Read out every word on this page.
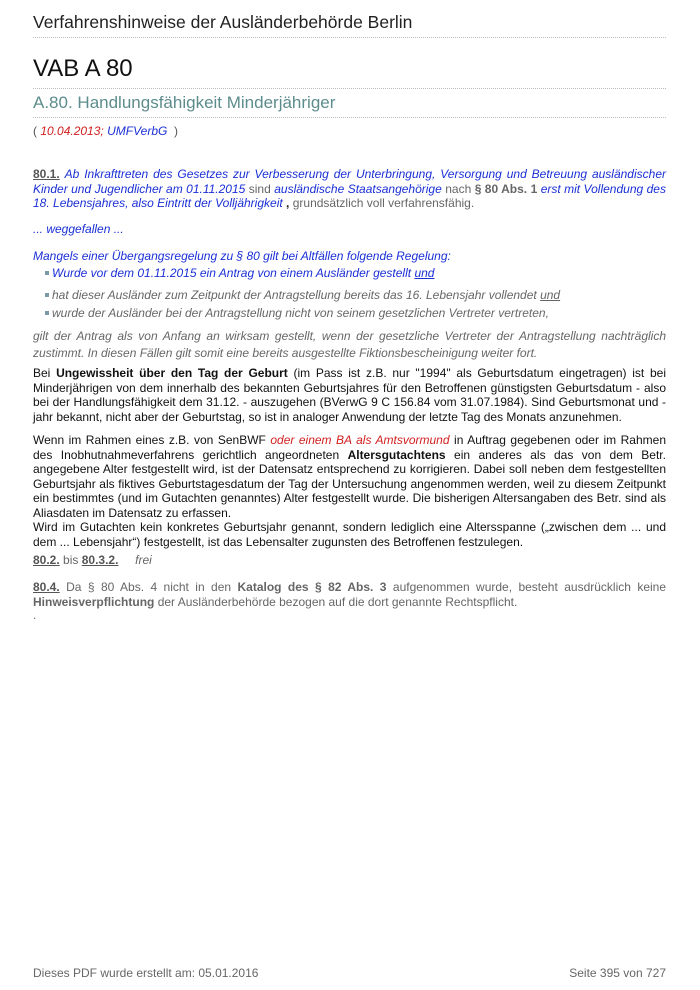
Verfahrenshinweise der Ausländerbehörde Berlin
VAB A 80
A.80. Handlungsfähigkeit Minderjähriger
( 10.04.2013; UMFVerbG )
80.1. Ab Inkrafttreten des Gesetzes zur Verbesserung der Unterbringung, Versorgung und Betreuung ausländischer Kinder und Jugendlicher am 01.11.2015 sind ausländische Staatsangehörige nach § 80 Abs. 1 erst mit Vollendung des 18. Lebensjahres, also Eintritt der Volljährigkeit , grundsätzlich voll verfahrensfähig.
... weggefallen ...
Mangels einer Übergangsregelung zu § 80 gilt bei Altfällen folgende Regelung:
Wurde vor dem 01.11.2015 ein Antrag von einem Ausländer gestellt und
hat dieser Ausländer zum Zeitpunkt der Antragstellung bereits das 16. Lebensjahr vollendet und
wurde der Ausländer bei der Antragstellung nicht von seinem gesetzlichen Vertreter vertreten,
gilt der Antrag als von Anfang an wirksam gestellt, wenn der gesetzliche Vertreter der Antragstellung nachträglich zustimmt. In diesen Fällen gilt somit eine bereits ausgestellte Fiktionsbescheinigung weiter fort.
Bei Ungewissheit über den Tag der Geburt (im Pass ist z.B. nur "1994" als Geburtsdatum eingetragen) ist bei Minderjährigen von dem innerhalb des bekannten Geburtsjahres für den Betroffenen günstigsten Geburtsdatum - also bei der Handlungsfähigkeit dem 31.12. - auszugehen (BVerwG 9 C 156.84 vom 31.07.1984). Sind Geburtsmonat und -jahr bekannt, nicht aber der Geburtstag, so ist in analoger Anwendung der letzte Tag des Monats anzunehmen.
Wenn im Rahmen eines z.B. von SenBWF oder einem BA als Amtsvormund in Auftrag gegebenen oder im Rahmen des Inobhutnahmeverfahrens gerichtlich angeordneten Altersgutachtens ein anderes als das von dem Betr. angegebene Alter festgestellt wird, ist der Datensatz entsprechend zu korrigieren. Dabei soll neben dem festgestellten Geburtsjahr als fiktives Geburtstagesdatum der Tag der Untersuchung angenommen werden, weil zu diesem Zeitpunkt ein bestimmtes (und im Gutachten genanntes) Alter festgestellt wurde. Die bisherigen Altersangaben des Betr. sind als Aliasdaten im Datensatz zu erfassen.
Wird im Gutachten kein konkretes Geburtsjahr genannt, sondern lediglich eine Altersspanne („zwischen dem ... und dem ... Lebensjahr“) festgestellt, ist das Lebensalter zugunsten des Betroffenen festzulegen.
80.2. bis 80.3.2. frei
80.4. Da § 80 Abs. 4 nicht in den Katalog des § 82 Abs. 3 aufgenommen wurde, besteht ausdrücklich keine Hinweisverpflichtung der Ausländerbehörde bezogen auf die dort genannte Rechtspflicht.
.
Dieses PDF wurde erstellt am: 05.01.2016	Seite 395 von 727
